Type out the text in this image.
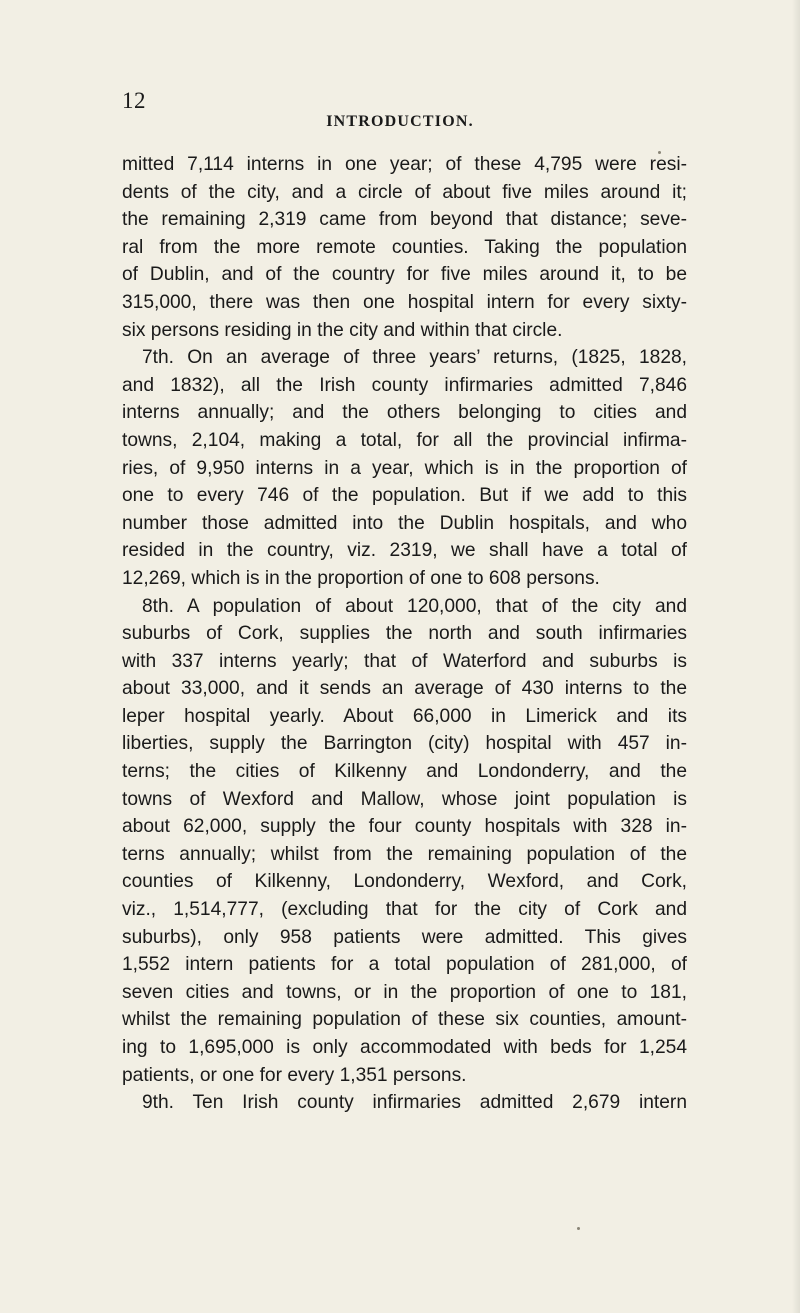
12
INTRODUCTION.
mitted 7,114 interns in one year; of these 4,795 were resi-
dents of the city, and a circle of about five miles around it;
the remaining 2,319 came from beyond that distance; seve-
ral from the more remote counties. Taking the population
of Dublin, and of the country for five miles around it, to be
315,000, there was then one hospital intern for every sixty-
six persons residing in the city and within that circle.
7th. On an average of three years’ returns, (1825, 1828,
and 1832), all the Irish county infirmaries admitted 7,846
interns annually; and the others belonging to cities and
towns, 2,104, making a total, for all the provincial infirma-
ries, of 9,950 interns in a year, which is in the proportion of
one to every 746 of the population. But if we add to this
number those admitted into the Dublin hospitals, and who
resided in the country, viz. 2319, we shall have a total of
12,269, which is in the proportion of one to 608 persons.
8th. A population of about 120,000, that of the city and
suburbs of Cork, supplies the north and south infirmaries
with 337 interns yearly; that of Waterford and suburbs is
about 33,000, and it sends an average of 430 interns to the
leper hospital yearly. About 66,000 in Limerick and its
liberties, supply the Barrington (city) hospital with 457 in-
terns; the cities of Kilkenny and Londonderry, and the
towns of Wexford and Mallow, whose joint population is
about 62,000, supply the four county hospitals with 328 in-
terns annually; whilst from the remaining population of the
counties of Kilkenny, Londonderry, Wexford, and Cork,
viz., 1,514,777, (excluding that for the city of Cork and
suburbs), only 958 patients were admitted. This gives
1,552 intern patients for a total population of 281,000, of
seven cities and towns, or in the proportion of one to 181,
whilst the remaining population of these six counties, amount-
ing to 1,695,000 is only accommodated with beds for 1,254
patients, or one for every 1,351 persons.
9th. Ten Irish county infirmaries admitted 2,679 intern
